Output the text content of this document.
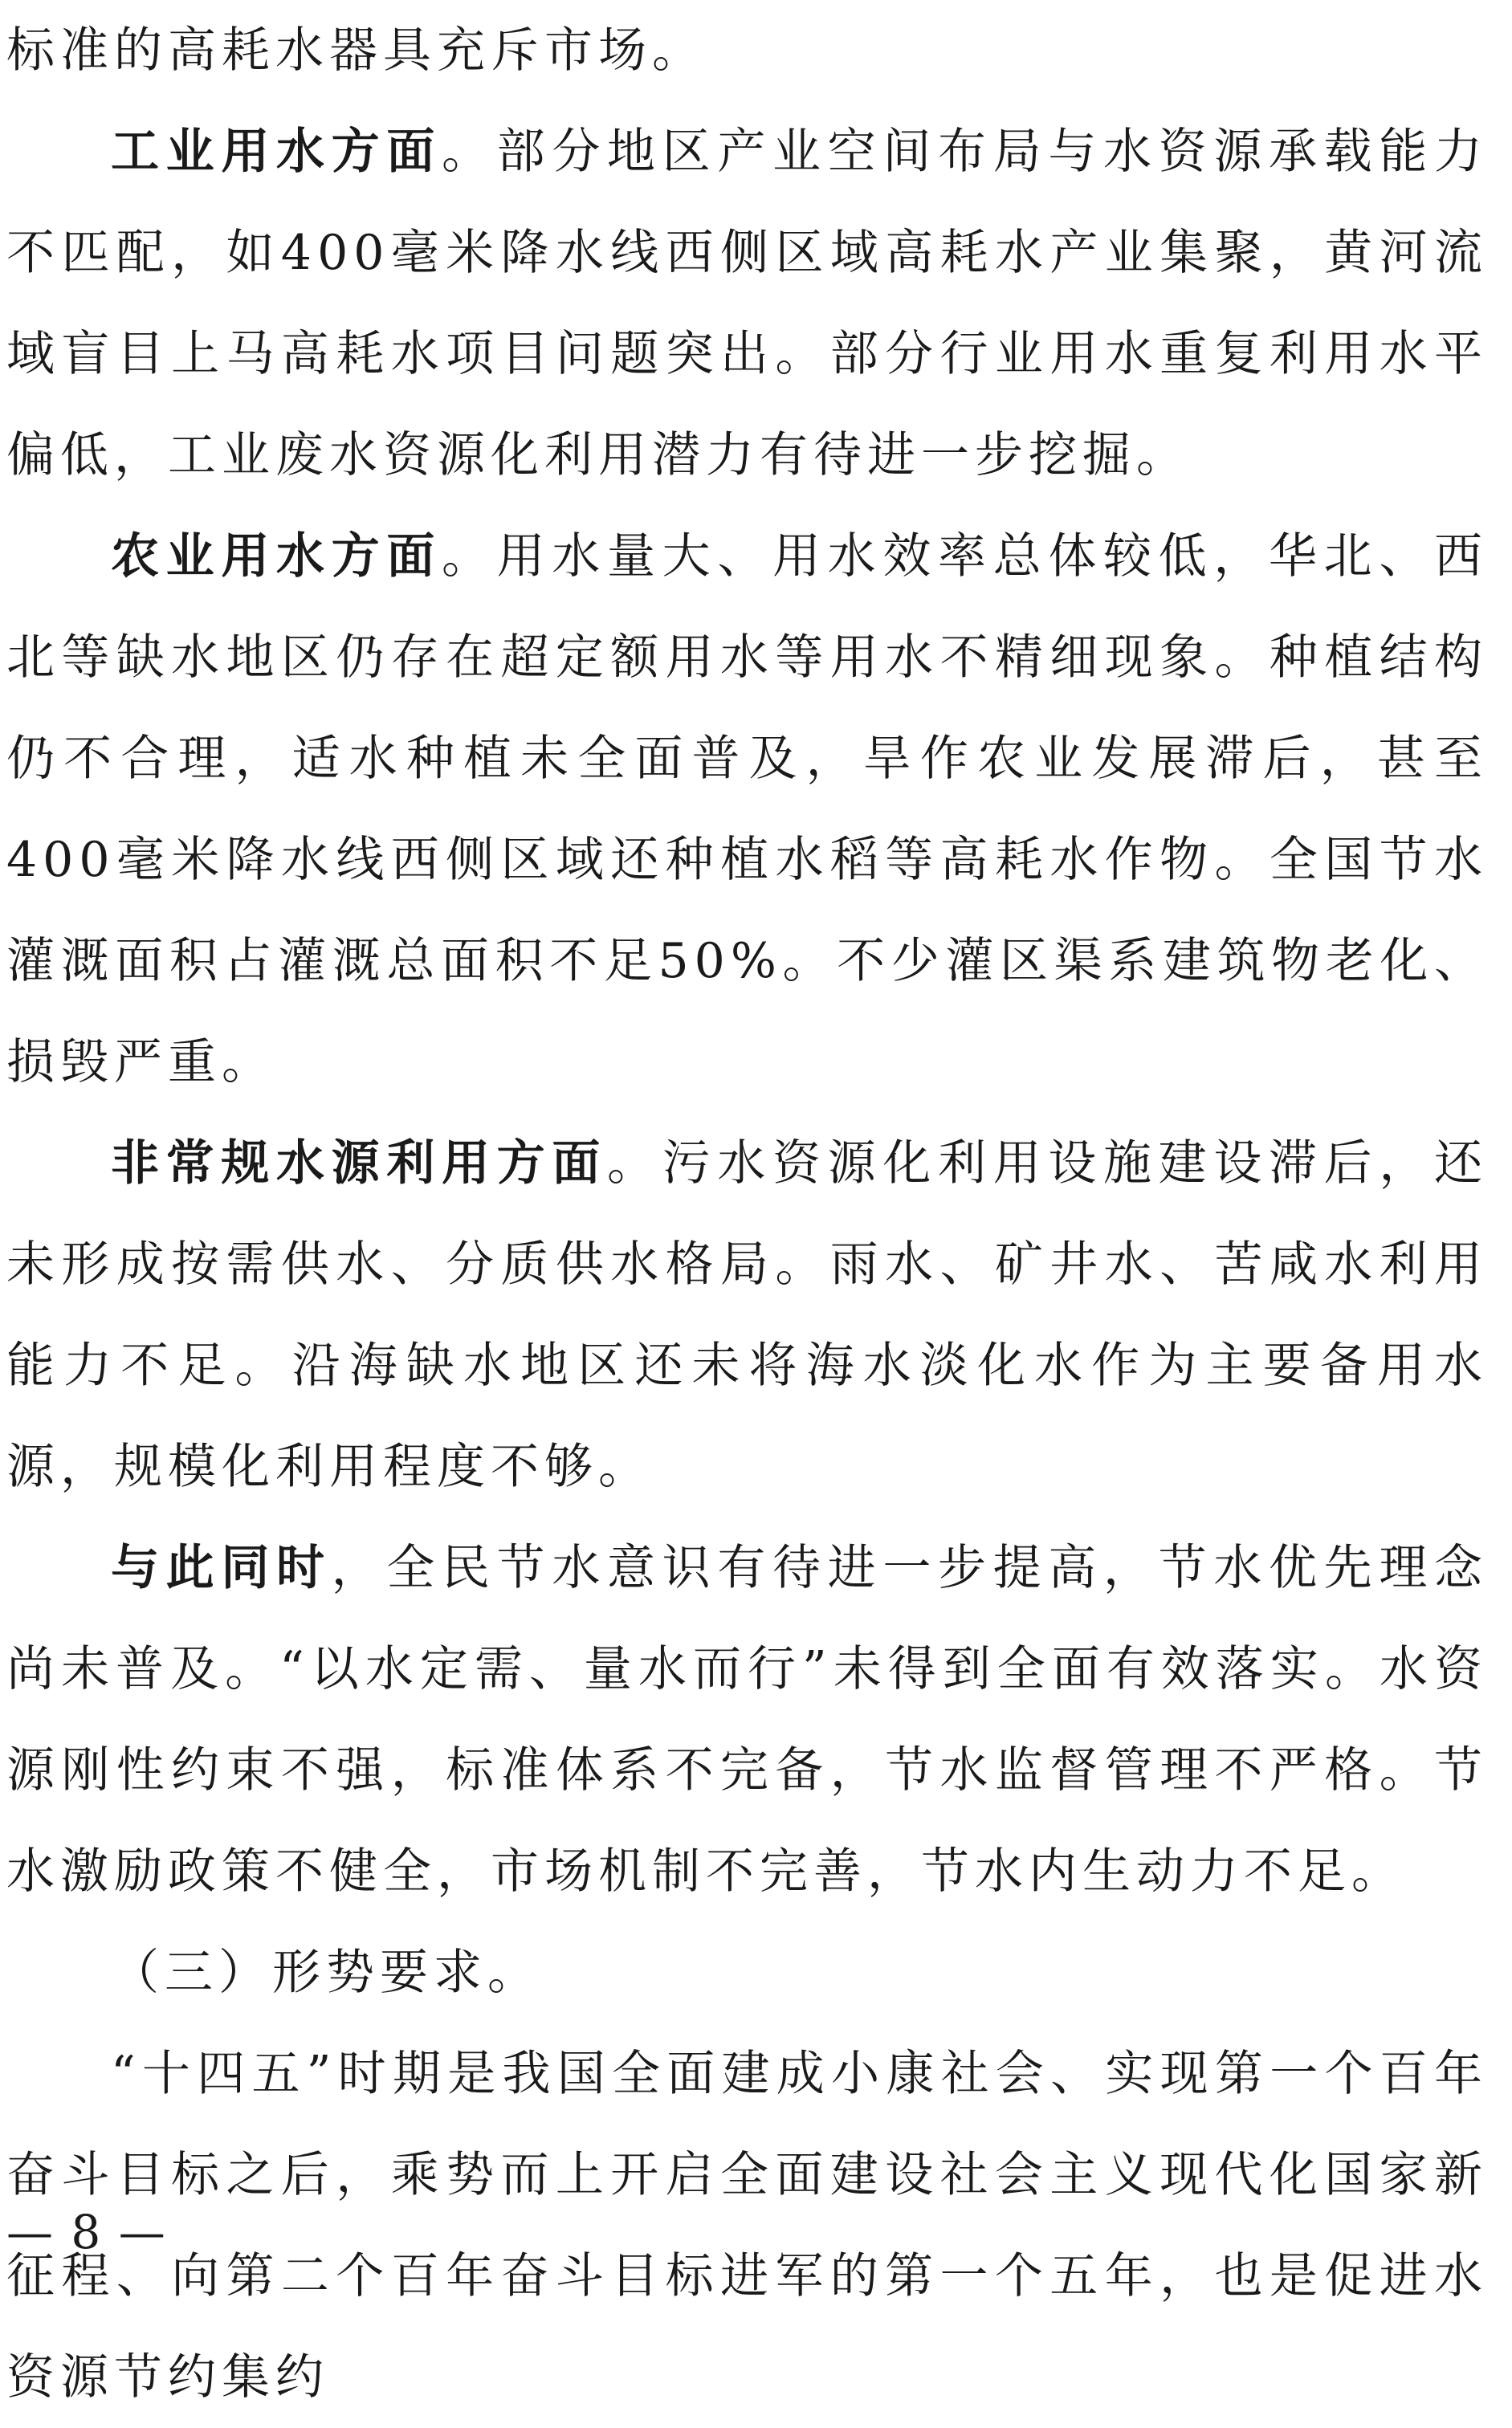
标准的高耗水器具充斥市场。

工业用水方面。部分地区产业空间布局与水资源承载能力不匹配，如400毫米降水线西侧区域高耗水产业集聚，黄河流域盲目上马高耗水项目问题突出。部分行业用水重复利用水平偏低，工业废水资源化利用潜力有待进一步挖掘。

农业用水方面。用水量大、用水效率总体较低，华北、西北等缺水地区仍存在超定额用水等用水不精细现象。种植结构仍不合理，适水种植未全面普及，旱作农业发展滞后，甚至400毫米降水线西侧区域还种植水稻等高耗水作物。全国节水灌溉面积占灌溉总面积不足50%。不少灌区渠系建筑物老化、损毁严重。

非常规水源利用方面。污水资源化利用设施建设滞后，还未形成按需供水、分质供水格局。雨水、矿井水、苦咸水利用能力不足。沿海缺水地区还未将海水淡化水作为主要备用水源，规模化利用程度不够。

与此同时，全民节水意识有待进一步提高，节水优先理念尚未普及。“以水定需、量水而行”未得到全面有效落实。水资源刚性约束不强，标准体系不完备，节水监督管理不严格。节水激励政策不健全，市场机制不完善，节水内生动力不足。

（三）形势要求。

“十四五”时期是我国全面建成小康社会、实现第一个百年奋斗目标之后，乘势而上开启全面建设社会主义现代化国家新征程、向第二个百年奋斗目标进军的第一个五年，也是促进水资源节约集约

— 8 —
